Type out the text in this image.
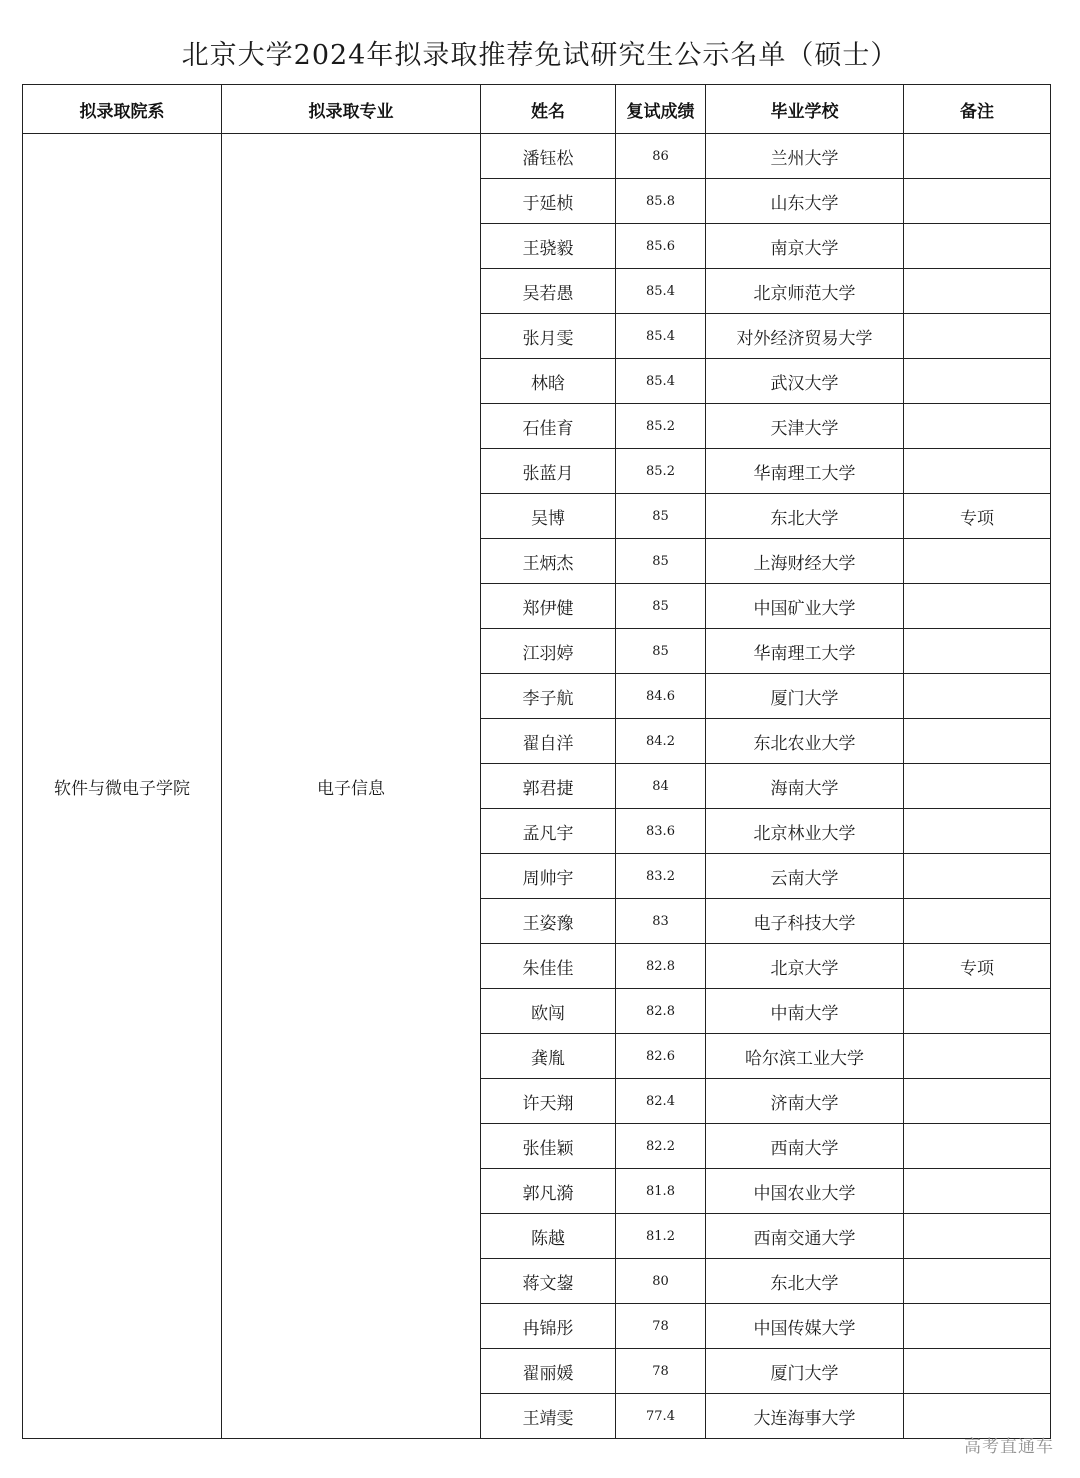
北京大学2024年拟录取推荐免试研究生公示名单（硕士）
拟录取院系	拟录取专业	姓名	复试成绩	毕业学校	备注
软件与微电子学院	电子信息	潘钰松	86	兰州大学	
		于延桢	85.8	山东大学	
		王骁毅	85.6	南京大学	
		吴若愚	85.4	北京师范大学	
		张月雯	85.4	对外经济贸易大学	
		林晗	85.4	武汉大学	
		石佳育	85.2	天津大学	
		张蓝月	85.2	华南理工大学	
		吴博	85	东北大学	专项
		王炳杰	85	上海财经大学	
		郑伊健	85	中国矿业大学	
		江羽婷	85	华南理工大学	
		李子航	84.6	厦门大学	
		翟自洋	84.2	东北农业大学	
		郭君捷	84	海南大学	
		孟凡宇	83.6	北京林业大学	
		周帅宇	83.2	云南大学	
		王姿豫	83	电子科技大学	
		朱佳佳	82.8	北京大学	专项
		欧闯	82.8	中南大学	
		龚胤	82.6	哈尔滨工业大学	
		许天翔	82.4	济南大学	
		张佳颖	82.2	西南大学	
		郭凡漪	81.8	中国农业大学	
		陈越	81.2	西南交通大学	
		蒋文鋆	80	东北大学	
		冉锦彤	78	中国传媒大学	
		翟丽媛	78	厦门大学	
		王靖雯	77.4	大连海事大学	
高考直通车
